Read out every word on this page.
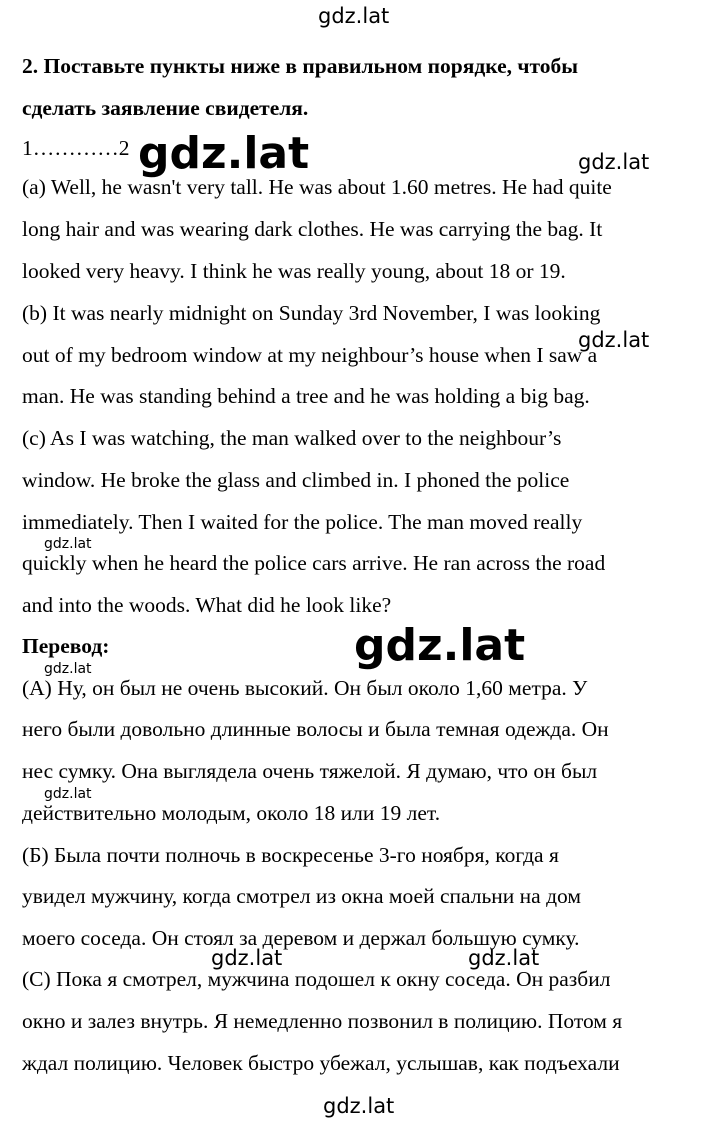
gdz.lat
2. Поставьте пункты ниже в правильном порядке, чтобы
сделать заявление свидетеля.
1…………2
(a) Well, he wasn't very tall. He was about 1.60 metres. He had quite
long hair and was wearing dark clothes. He was carrying the bag. It
looked very heavy. I think he was really young, about 18 or 19.
(b) It was nearly midnight on Sunday 3rd November, I was looking
out of my bedroom window at my neighbour’s house when I saw a
man. He was standing behind a tree and he was holding a big bag.
(c) As I was watching, the man walked over to the neighbour’s
window. He broke the glass and climbed in. I phoned the police
immediately. Then I waited for the police. The man moved really
quickly when he heard the police cars arrive. He ran across the road
and into the woods. What did he look like?
Перевод:
(А) Ну, он был не очень высокий. Он был около 1,60 метра. У
него были довольно длинные волосы и была темная одежда. Он
нес сумку. Она выглядела очень тяжелой. Я думаю, что он был
действительно молодым, около 18 или 19 лет.
(Б) Была почти полночь в воскресенье 3-го ноября, когда я
увидел мужчину, когда смотрел из окна моей спальни на дом
моего соседа. Он стоял за деревом и держал большую сумку.
(С) Пока я смотрел, мужчина подошел к окну соседа. Он разбил
окно и залез внутрь. Я немедленно позвонил в полицию. Потом я
ждал полицию. Человек быстро убежал, услышав, как подъехали
gdz.lat	gdz.lat
gdz.lat
gdz.lat
gdz.lat
gdz.lat
gdz.lat
gdz.lat	gdz.lat
gdz.lat
